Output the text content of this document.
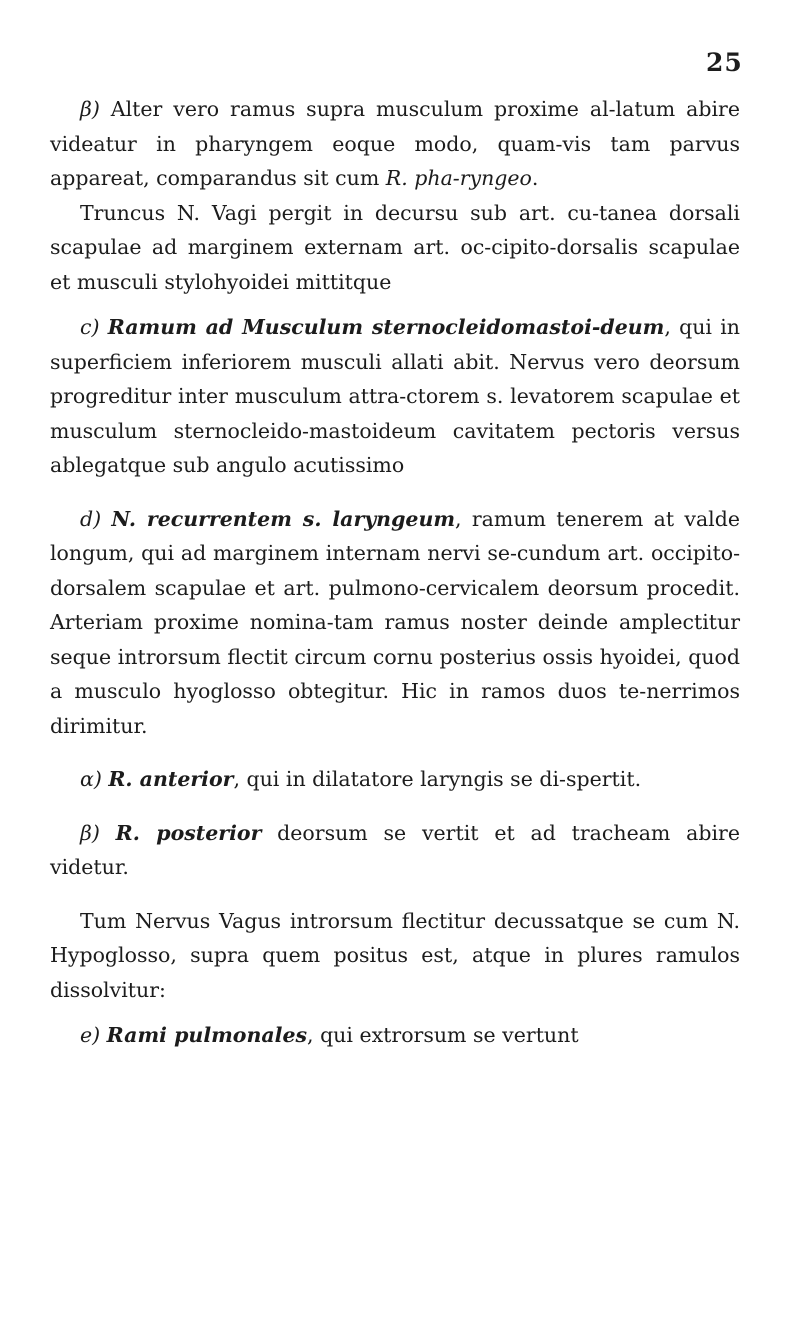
25

β) Alter vero ramus supra musculum proxime al-latum abire videatur in pharyngem eoque modo, quam-vis tam parvus appareat, comparandus sit cum R. pha-ryngeo.

Truncus N. Vagi pergit in decursu sub art. cu-tanea dorsali scapulae ad marginem externam art. oc-cipito-dorsalis scapulae et musculi stylohyoidei mittitque

c) Ramum ad Musculum sternocleidomastoi-deum, qui in superficiem inferiorem musculi allati abit. Nervus vero deorsum progreditur inter musculum attra-ctorem s. levatorem scapulae et musculum sternocleido-mastoideum cavitatem pectoris versus ablegatque sub angulo acutissimo

d) N. recurrentem s. laryngeum, ramum tenerem at valde longum, qui ad marginem internam nervi se-cundum art. occipito-dorsalem scapulae et art. pulmono-cervicalem deorsum procedit. Arteriam proxime nomina-tam ramus noster deinde amplectitur seque introrsum flectit circum cornu posterius ossis hyoidei, quod a musculo hyoglosso obtegitur. Hic in ramos duos te-nerrimos dirimitur.

α) R. anterior, qui in dilatatore laryngis se di-spertit.

β) R. posterior deorsum se vertit et ad tracheam abire videtur.

Tum Nervus Vagus introrsum flectitur decussatque se cum N. Hypoglosso, supra quem positus est, atque in plures ramulos dissolvitur:

e) Rami pulmonales, qui extrorsum se vertunt
